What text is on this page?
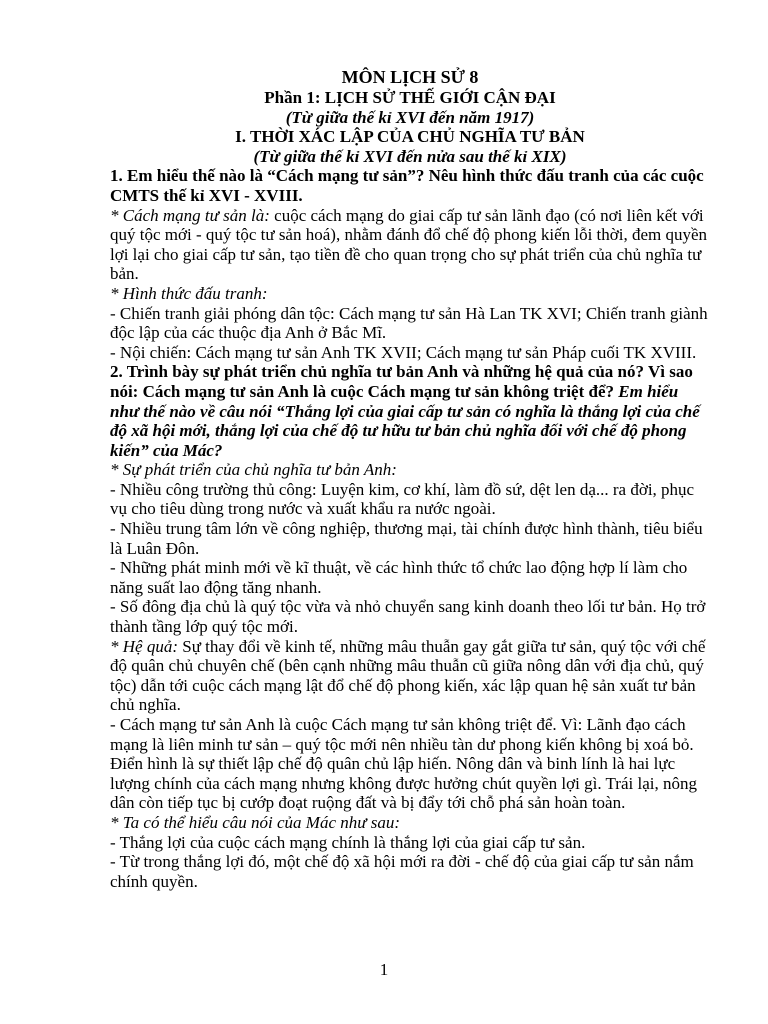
MÔN LỊCH SỬ 8

Phần 1: LỊCH SỬ THẾ GIỚI CẬN ĐẠI

(Từ giữa thế kỉ XVI đến năm 1917)

I. THỜI XÁC LẬP CỦA CHỦ NGHĨA TƯ BẢN

(Từ giữa thế kỉ XVI đến nửa sau thế kỉ XIX)

1. Em hiểu thế nào là “Cách mạng tư sản”? Nêu hình thức đấu tranh của các cuộc CMTS thế kỉ XVI - XVIII.

* Cách mạng tư sản là: cuộc cách mạng do giai cấp tư sản lãnh đạo (có nơi liên kết với quý tộc mới - quý tộc tư sản hoá), nhằm đánh đổ chế độ phong kiến lỗi thời, đem quyền lợi lại cho giai cấp tư sản, tạo tiền đề cho quan trọng cho sự phát triển của chủ nghĩa tư bản.

* Hình thức đấu tranh:

- Chiến tranh giải phóng dân tộc: Cách mạng tư sản Hà Lan TK XVI; Chiến tranh giành độc lập của các thuộc địa Anh ở Bắc Mĩ.

- Nội chiến: Cách mạng tư sản Anh TK XVII; Cách mạng tư sản Pháp cuối TK XVIII.

2. Trình bày sự phát triển chủ nghĩa tư bản Anh và những hệ quả của nó? Vì sao nói: Cách mạng tư sản Anh là cuộc Cách mạng tư sản không triệt để? Em hiểu như thế nào về câu nói “Thắng lợi của giai cấp tư sản có nghĩa là thắng lợi của chế độ xã hội mới, thắng lợi của chế độ tư hữu tư bản chủ nghĩa đối với chế độ phong kiến” của Mác?

* Sự phát triển của chủ nghĩa tư bản Anh:

- Nhiều công trường thủ công: Luyện kim, cơ khí, làm đồ sứ, dệt len dạ... ra đời, phục vụ cho tiêu dùng trong nước và xuất khẩu ra nước ngoài.

- Nhiều trung tâm lớn về công nghiệp, thương mại, tài chính được hình thành, tiêu biểu là Luân Đôn.

- Những phát minh mới về kĩ thuật, về các hình thức tổ chức lao động hợp lí làm cho năng suất lao động tăng nhanh.

- Số đông địa chủ là quý tộc vừa và nhỏ chuyển sang kinh doanh theo lối tư bản. Họ trở thành tầng lớp quý tộc mới.

* Hệ quả: Sự thay đổi về kinh tế, những mâu thuẫn gay gắt giữa tư sản, quý tộc với chế độ quân chủ chuyên chế (bên cạnh những mâu thuẫn cũ giữa nông dân với địa chủ, quý tộc) dẫn tới cuộc cách mạng lật đổ chế độ phong kiến, xác lập quan hệ sản xuất tư bản chủ nghĩa.

- Cách mạng tư sản Anh là cuộc Cách mạng tư sản không triệt để. Vì: Lãnh đạo cách mạng là liên minh tư sản – quý tộc mới nên nhiều tàn dư phong kiến không bị xoá bỏ. Điển hình là sự thiết lập chế độ quân chủ lập hiến. Nông dân và binh lính là hai lực lượng chính của cách mạng nhưng không được hưởng chút quyền lợi gì. Trái lại, nông dân còn tiếp tục bị cướp đoạt ruộng đất và bị đẩy tới chỗ phá sản hoàn toàn.

* Ta có thể hiểu câu nói của Mác như sau:

- Thắng lợi của cuộc cách mạng chính là thắng lợi của giai cấp tư sản.

- Từ trong thắng lợi đó, một chế độ xã hội mới ra đời - chế độ của giai cấp tư sản nắm chính quyền.

1
